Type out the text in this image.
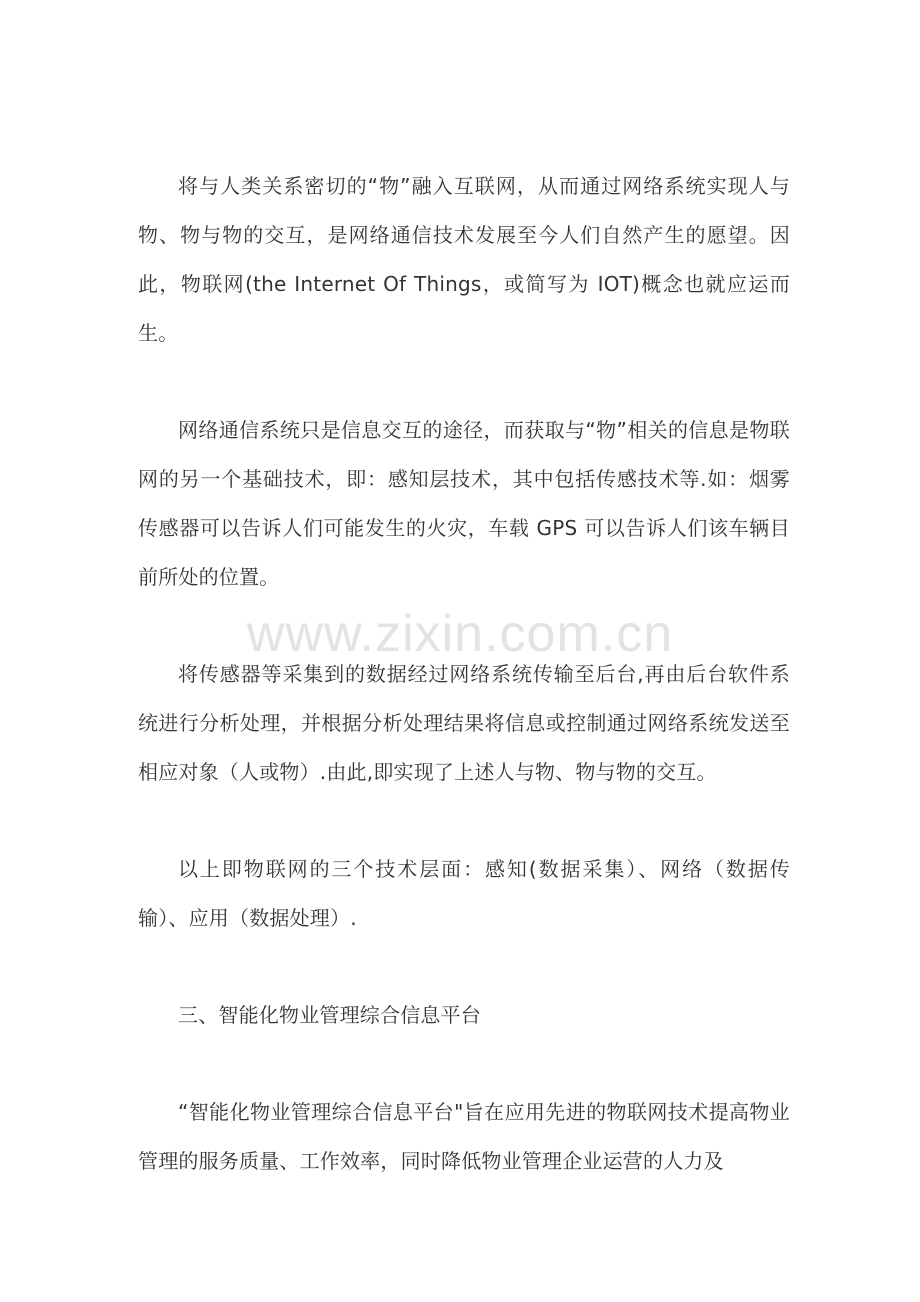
将与人类关系密切的“物”融入互联网，从而通过网络系统实现人与物、物与物的交互，是网络通信技术发展至今人们自然产生的愿望。因此，物联网(the Internet Of Things，或简写为 IOT)概念也就应运而生。

网络通信系统只是信息交互的途径，而获取与“物”相关的信息是物联网的另一个基础技术，即：感知层技术，其中包括传感技术等.如：烟雾传感器可以告诉人们可能发生的火灾，车载 GPS 可以告诉人们该车辆目前所处的位置。

将传感器等采集到的数据经过网络系统传输至后台,再由后台软件系统进行分析处理，并根据分析处理结果将信息或控制通过网络系统发送至相应对象（人或物）.由此,即实现了上述人与物、物与物的交互。

以上即物联网的三个技术层面：感知(数据采集）、网络（数据传输）、应用（数据处理）.

三、智能化物业管理综合信息平台

“智能化物业管理综合信息平台"旨在应用先进的物联网技术提高物业管理的服务质量、工作效率，同时降低物业管理企业运营的人力及

www.zixin.com.cn
